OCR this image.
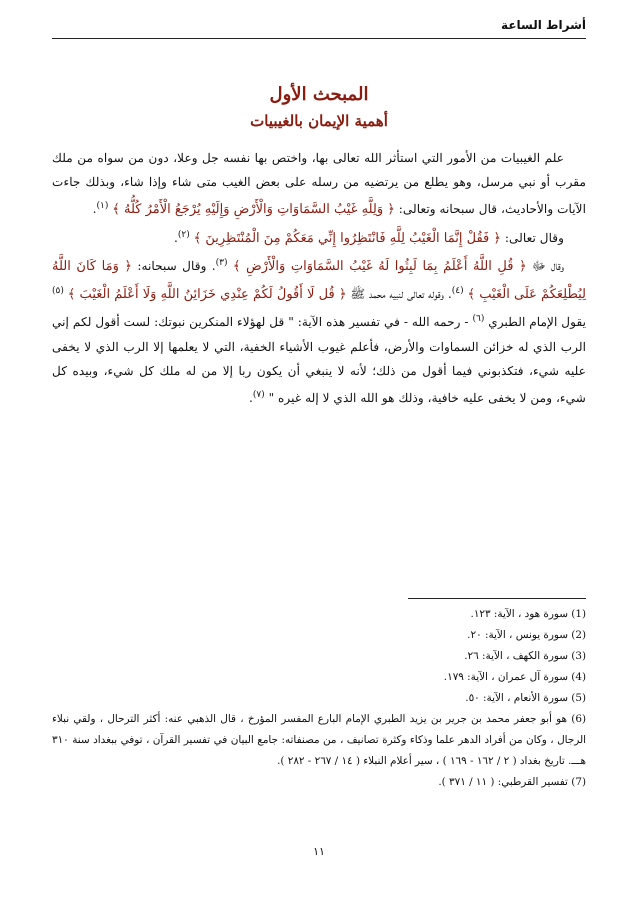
أشراط الساعة
المبحث الأول
أهمية الإيمان بالغيبيات

علم الغيبيات من الأمور التي استأثر الله تعالى بها، واختص بها نفسه جل وعلا، دون من سواه من ملك مقرب أو نبي مرسل، وهو يطلع من يرتضيه من رسله على بعض الغيب متى شاء وإذا شاء، وبذلك جاءت الآيات والأحاديث، قال سبحانه وتعالى: ﴿ وَلِلَّهِ غَيْبُ السَّمَاوَاتِ وَالْأَرْضِ وَإِلَيْهِ يُرْجَعُ الْأَمْرُ كُلُّهُ ﴾ $^{(١)}$.

وقال تعالى: ﴿ فَقُلْ إِنَّمَا الْغَيْبُ لِلَّهِ فَانْتَظِرُوا إِنِّي مَعَكُمْ مِنَ الْمُنْتَظِرِينَ ﴾ $^{(٢)}$.

وقال ﷻ ﴿ قُلِ اللَّهُ أَعْلَمُ بِمَا لَبِثُوا لَهُ غَيْبُ السَّمَاوَاتِ وَالْأَرْضِ ﴾ $^{(٣)}$. وقال سبحانه: ﴿ وَمَا كَانَ اللَّهُ لِيُطْلِعَكُمْ عَلَى الْغَيْبِ ﴾ $^{(٤)}$. وقوله تعالى لنبيه محمد ﷺ ﴿ قُل لَا أَقُولُ لَكُمْ عِنْدِي خَزَائِنُ اللَّهِ وَلَا أَعْلَمُ الْغَيْبَ ﴾ $^{(٥)}$ يقول الإمام الطبري $^{(٦)}$ - رحمه الله - في تفسير هذه الآية: " قل لهؤلاء المنكرين نبوتك: لست أقول لكم إني الرب الذي له خزائن السماوات والأرض، فأعلم غيوب الأشياء الخفية، التي لا يعلمها إلا الرب الذي لا يخفى عليه شيء، فتكذبوني فيما أقول من ذلك؛ لأنه لا ينبغي أن يكون ربا إلا من له ملك كل شيء، وبيده كل شيء، ومن لا يخفى عليه خافية، وذلك هو الله الذي لا إله غيره " $^{(٧)}$.

(1) سورة هود ، الآية: ١٢٣.

(2) سورة يونس ، الآية: ٢٠.

(3) سورة الكهف ، الآية: ٢٦.

(4) سورة آل عمران ، الآية: ١٧٩.

(5) سورة الأنعام ، الآية: ٥٠.

(6) هو أبو جعفر محمد بن جرير بن يزيد الطبري الإمام البارع المفسر المؤرخ ، قال الذهبي عنه: أكثر الترحال ، ولقي نبلاء الرجال ، وكان من أفراد الدهر علما وذكاء وكثرة تصانيف ، من مصنفاته: جامع البيان في تفسير القرآن ، توفي ببغداد سنة ٣١٠ هـــ. تاريخ بغداد ( ٢ / ١٦٢ - ١٦٩ ) ، سير أعلام النبلاء ( ١٤ / ٢٦٧ - ٢٨٢ ).

(7) تفسير القرطبي: ( ١١ / ٣٧١ ).

١١
